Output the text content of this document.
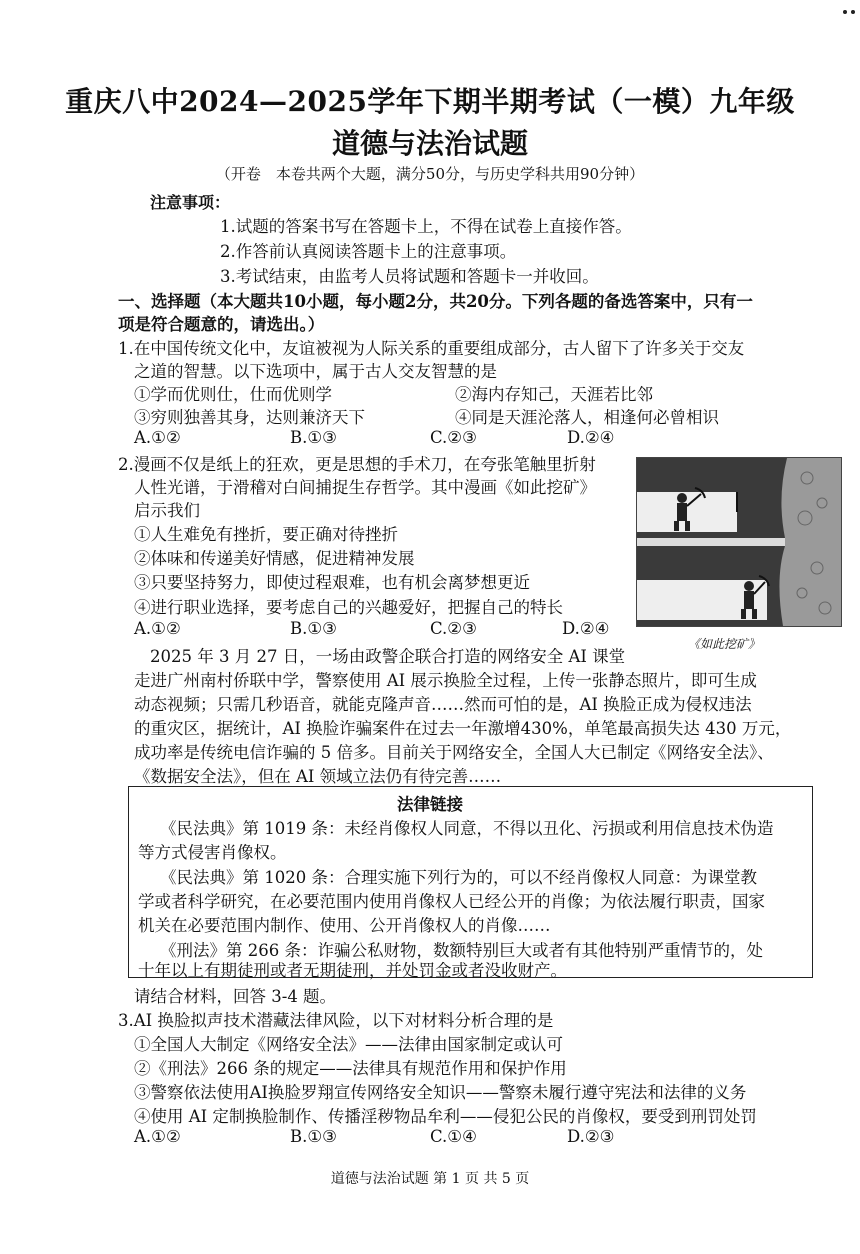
重庆八中2024—2025学年下期半期考试（一模）九年级
道德与法治试题
（开卷　本卷共两个大题，满分50分，与历史学科共用90分钟）
注意事项：
1.试题的答案书写在答题卡上，不得在试卷上直接作答。
2.作答前认真阅读答题卡上的注意事项。
3.考试结束，由监考人员将试题和答题卡一并收回。
一、选择题（本大题共10小题，每小题2分，共20分。下列各题的备选答案中，只有一
项是符合题意的，请选出。）
1.在中国传统文化中，友谊被视为人际关系的重要组成部分，古人留下了许多关于交友
之道的智慧。以下选项中，属于古人交友智慧的是
①学而优则仕，仕而优则学	②海内存知己，天涯若比邻
③穷则独善其身，达则兼济天下	④同是天涯沦落人，相逢何必曾相识
A.①②	B.①③	C.②③	D.②④
2.漫画不仅是纸上的狂欢，更是思想的手术刀，在夸张笔触里折射
人性光谱，于滑稽对白间捕捉生存哲学。其中漫画《如此挖矿》
启示我们
①人生难免有挫折，要正确对待挫折
②体味和传递美好情感，促进精神发展
③只要坚持努力，即使过程艰难，也有机会离梦想更近
④进行职业选择，要考虑自己的兴趣爱好，把握自己的特长
A.①②	B.①③	C.②③	D.②④
《如此挖矿》
2025 年 3 月 27 日，一场由政警企联合打造的网络安全 AI 课堂
走进广州南村侨联中学，警察使用 AI 展示换脸全过程，上传一张静态照片，即可生成
动态视频；只需几秒语音，就能克隆声音……然而可怕的是，AI 换脸正成为侵权违法
的重灾区，据统计，AI 换脸诈骗案件在过去一年激增430%，单笔最高损失达 430 万元，
成功率是传统电信诈骗的 5 倍多。目前关于网络安全，全国人大已制定《网络安全法》、
《数据安全法》，但在 AI 领域立法仍有待完善……
法律链接
《民法典》第 1019 条：未经肖像权人同意，不得以丑化、污损或利用信息技术伪造
等方式侵害肖像权。
《民法典》第 1020 条：合理实施下列行为的，可以不经肖像权人同意：为课堂教
学或者科学研究，在必要范围内使用肖像权人已经公开的肖像；为依法履行职责，国家
机关在必要范围内制作、使用、公开肖像权人的肖像……
《刑法》第 266 条：诈骗公私财物，数额特别巨大或者有其他特别严重情节的，处
十年以上有期徒刑或者无期徒刑，并处罚金或者没收财产。
请结合材料，回答 3-4 题。
3.AI 换脸拟声技术潜藏法律风险，以下对材料分析合理的是
①全国人大制定《网络安全法》——法律由国家制定或认可
②《刑法》266 条的规定——法律具有规范作用和保护作用
③警察依法使用AI换脸罗翔宣传网络安全知识——警察未履行遵守宪法和法律的义务
④使用 AI 定制换脸制作、传播淫秽物品牟利——侵犯公民的肖像权，要受到刑罚处罚
A.①②	B.①③	C.①④	D.②③
道德与法治试题 第 1 页 共 5 页
